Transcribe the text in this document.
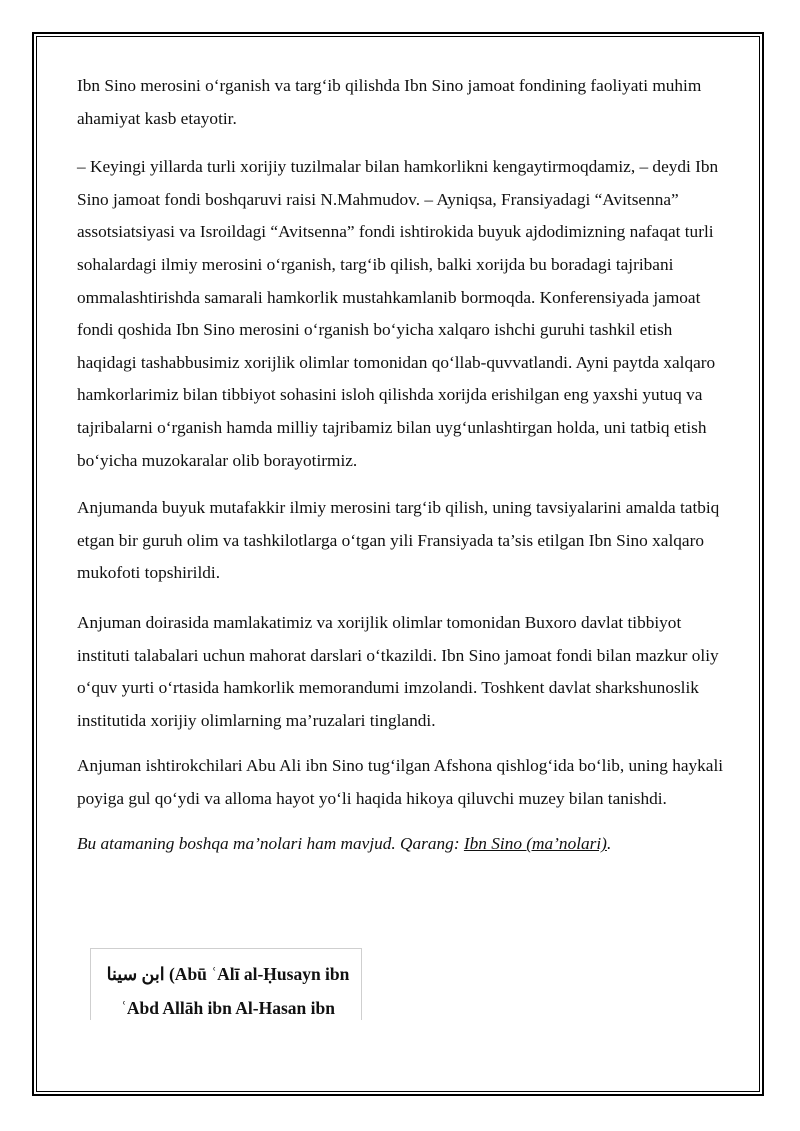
Ibn Sino merosini o‘rganish va targ‘ib qilishda Ibn Sino jamoat fondining faoliyati muhim ahamiyat kasb etayotir.

– Keyingi yillarda turli xorijiy tuzilmalar bilan hamkorlikni kengaytirmoqdamiz, – deydi Ibn Sino jamoat fondi boshqaruvi raisi N.Mahmudov. – Ayniqsa, Fransiyadagi “Avitsenna” assotsiatsiyasi va Isroildagi “Avitsenna” fondi ishtirokida buyuk ajdodimizning nafaqat turli sohalardagi ilmiy merosini o‘rganish, targ‘ib qilish, balki xorijda bu boradagi tajribani ommalashtirishda samarali hamkorlik mustahkamlanib bormoqda. Konferensiyada jamoat fondi qoshida Ibn Sino merosini o‘rganish bo‘yicha xalqaro ishchi guruhi tashkil etish haqidagi tashabbusimiz xorijlik olimlar tomonidan qo‘llab-quvvatlandi. Ayni paytda xalqaro hamkorlarimiz bilan tibbiyot sohasini isloh qilishda xorijda erishilgan eng yaxshi yutuq va tajribalarni o‘rganish hamda milliy tajribamiz bilan uyg‘unlashtirgan holda, uni tatbiq etish bo‘yicha muzokaralar olib borayotirmiz.

Anjumanda buyuk mutafakkir ilmiy merosini targ‘ib qilish, uning tavsiyalarini amalda tatbiq etgan bir guruh olim va tashkilotlarga o‘tgan yili Fransiyada ta’sis etilgan Ibn Sino xalqaro mukofoti topshirildi.

Anjuman doirasida mamlakatimiz va xorijlik olimlar tomonidan Buxoro davlat tibbiyot instituti talabalari uchun mahorat darslari o‘tkazildi. Ibn Sino jamoat fondi bilan mazkur oliy o‘quv yurti o‘rtasida hamkorlik memorandumi imzolandi. Toshkent davlat sharkshunoslik institutida xorijiy olimlarning ma’ruzalari tinglandi.

Anjuman ishtirokchilari Abu Ali ibn Sino tug‘ilgan Afshona qishlog‘ida bo‘lib, uning haykali poyiga gul qo‘ydi va alloma hayot yo‘li haqida hikoya qiluvchi muzey bilan tanishdi.

Bu atamaning boshqa ma’nolari ham mavjud. Qarang: Ibn Sino (ma’nolari).

ابن سينا (Abū ʿAlī al-Ḥusayn ibn ʿAbd Allāh ibn Al-Hasan ibn
